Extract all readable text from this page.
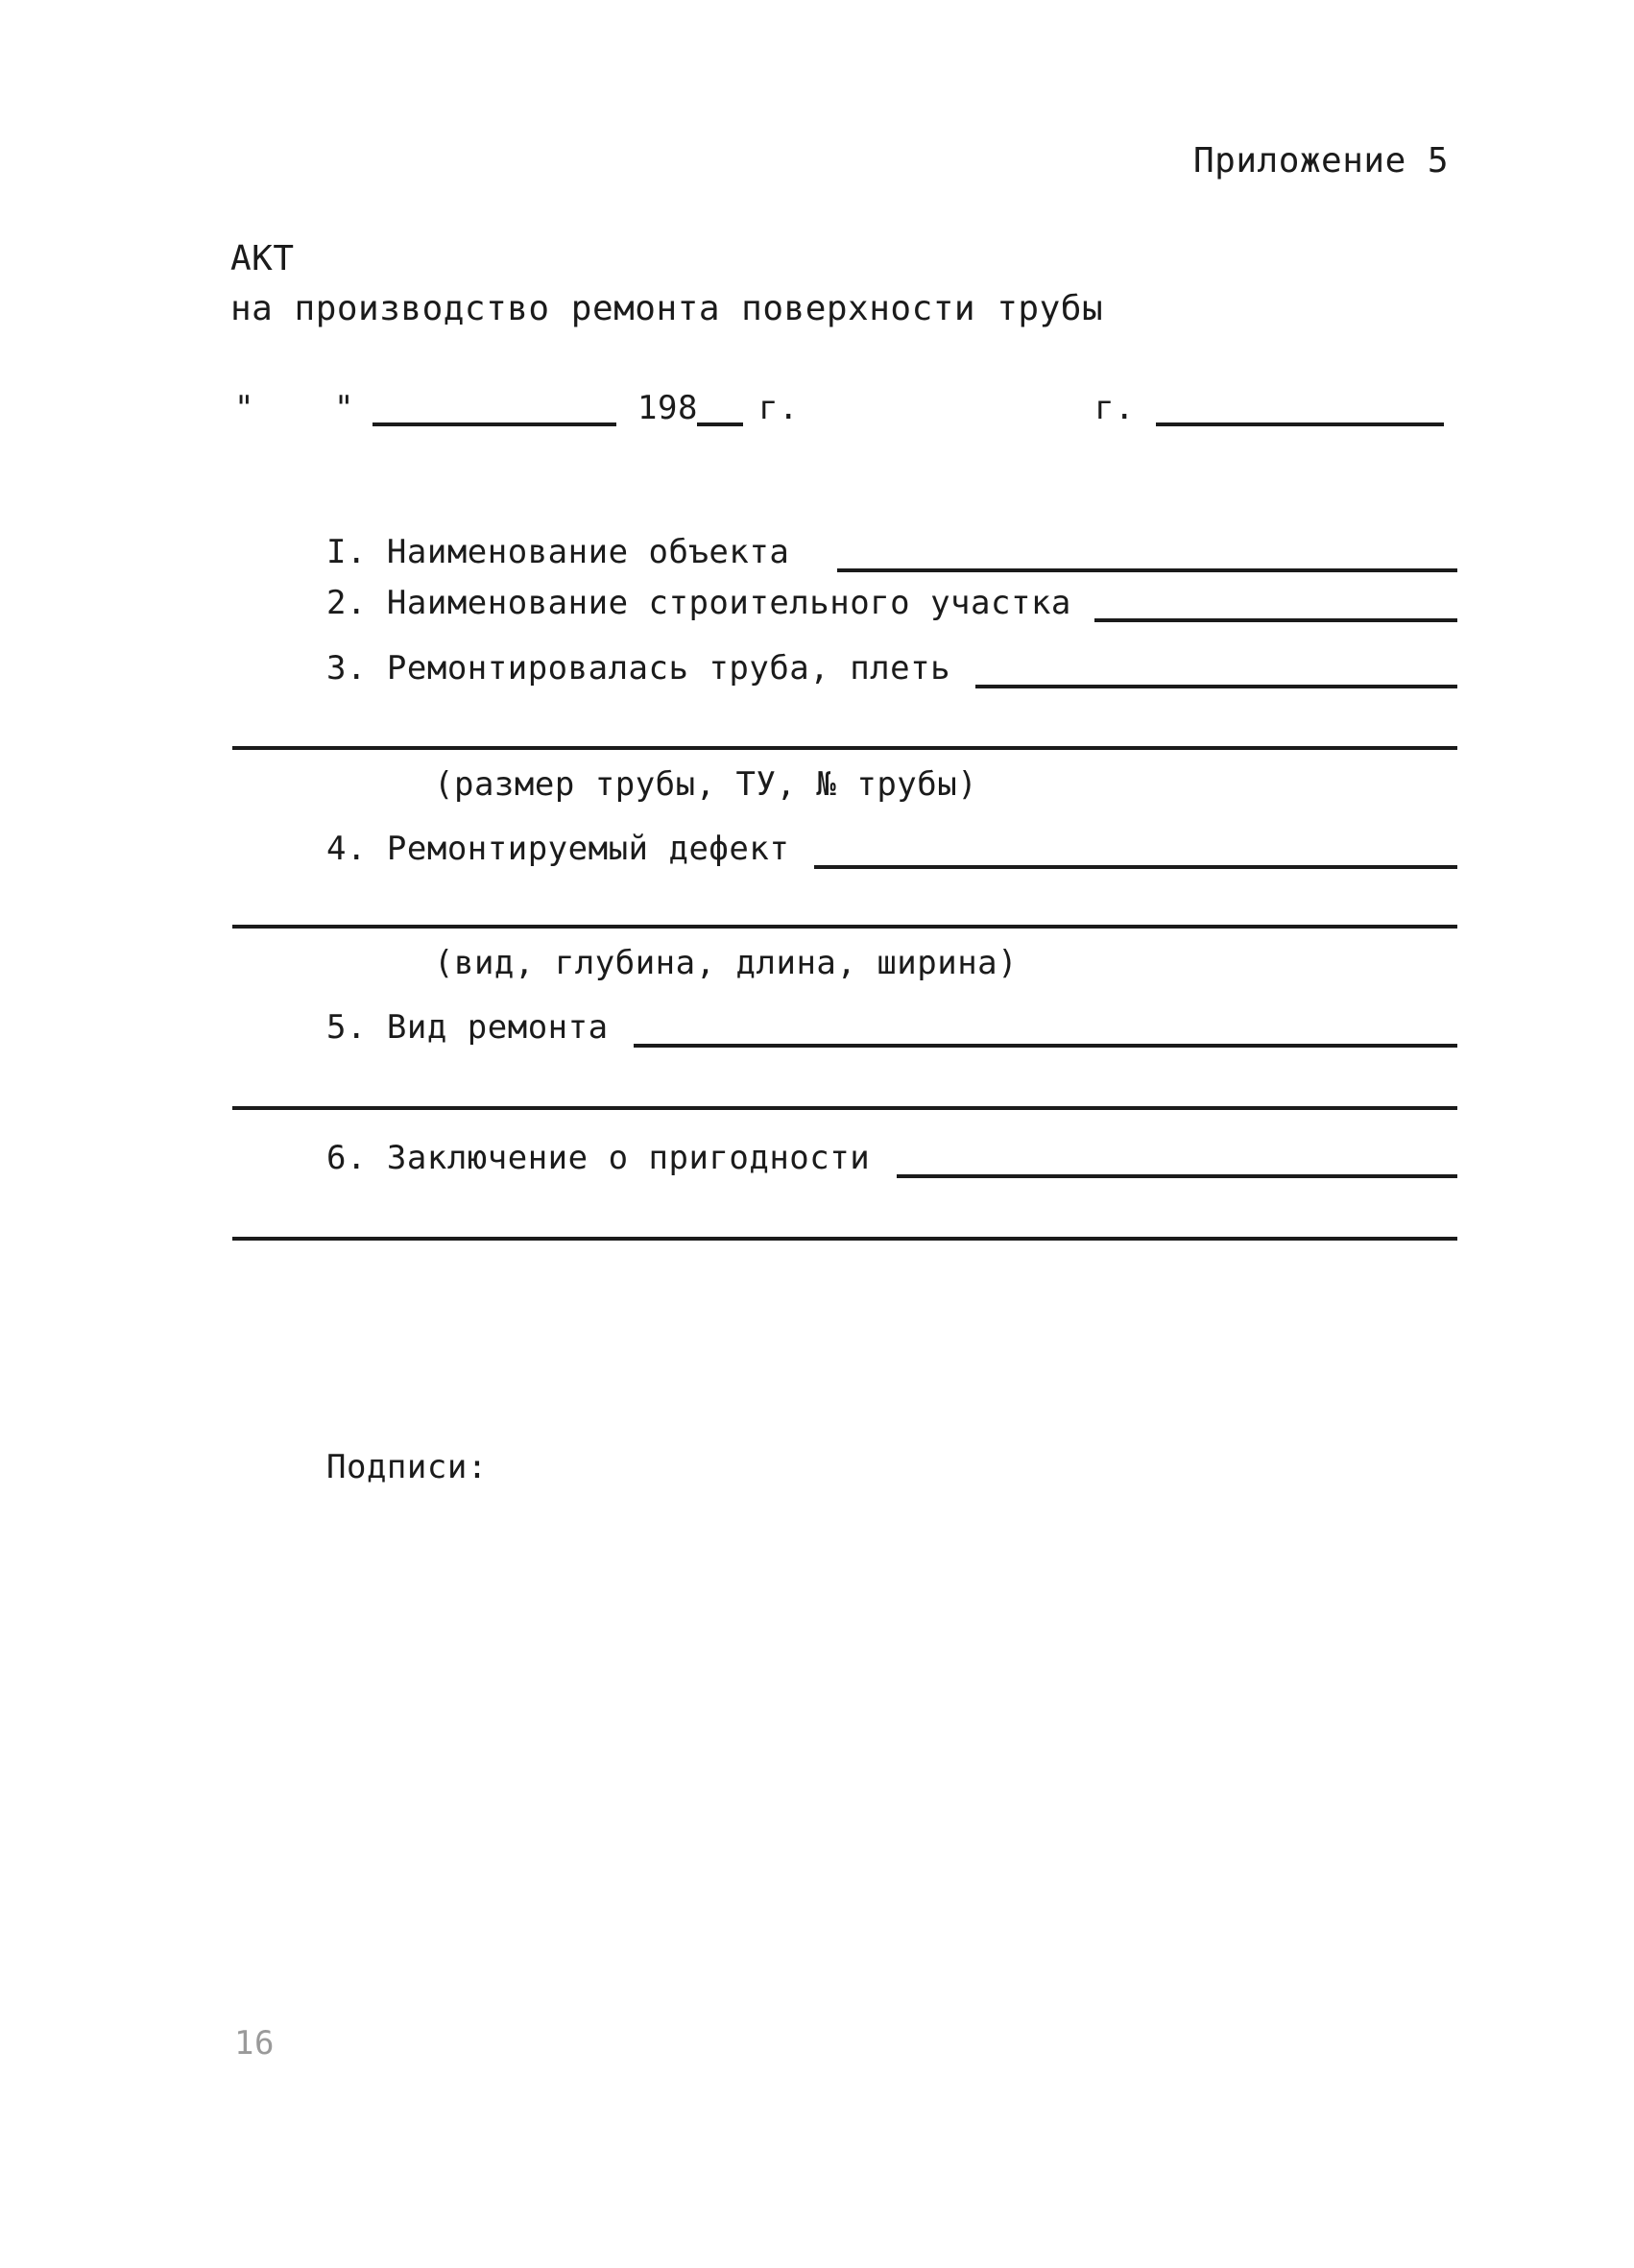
Приложение 5
АКТ
на производство ремонта поверхности трубы
" "	198 г.	г.
I. Наименование объекта
2. Наименование строительного участка
3. Ремонтировалась труба, плеть
(размер трубы, ТУ, № трубы)
4. Ремонтируемый дефект
(вид, глубина, длина, ширина)
5. Вид ремонта
6. Заключение о пригодности
Подписи:
16
